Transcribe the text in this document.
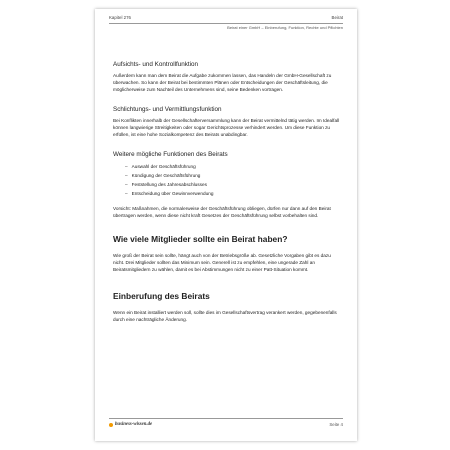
Kapitel 276	Beirat
Beirat einer GmbH – Einberufung, Funktion, Rechte und Pflichten
Aufsichts- und Kontrollfunktion

Außerdem kann man dem Beirat die Aufgabe zukommen lassen, das Handeln der GmbH-Gesellschaft zu überwachen. So kann der Beirat bei bestimmten Plänen oder Entscheidungen der Geschäftsleitung, die möglicherweise zum Nachteil des Unternehmens sind, seine Bedenken vortragen.

Schlichtungs- und Vermittlungsfunktion

Bei Konflikten innerhalb der Gesellschafterversammlung kann der Beirat vermittelnd tätig werden. Im Idealfall können langwierige Streitigkeiten oder sogar Gerichtsprozesse verhindert werden. Um diese Funktion zu erfüllen, ist eine hohe Sozialkompetenz des Beirats unabdingbar.

Weitere mögliche Funktionen des Beirats
– Auswahl der Geschäftsführung
– Kündigung der Geschäftsführung
– Feststellung des Jahresabschlusses
– Entscheidung über Gewinnverwendung

Vorsicht: Maßnahmen, die normalerweise der Geschäftsführung obliegen, dürfen nur dann auf den Beirat übertragen werden, wenn diese nicht kraft Gesetzes der Geschäftsführung selbst vorbehalten sind.

Wie viele Mitglieder sollte ein Beirat haben?

Wie groß der Beirat sein sollte, hängt auch von der Betriebsgröße ab. Gesetzliche Vorgaben gibt es dazu nicht. Drei Mitglieder sollten das Minimum sein. Generell ist zu empfehlen, eine ungerade Zahl an Beiratsmitgliedern zu wählen, damit es bei Abstimmungen nicht zu einer Patt-Situation kommt.

Einberufung des Beirats

Wenn ein Beirat installiert werden soll, sollte dies im Gesellschaftsvertrag verankert werden, gegebenenfalls durch eine nachträgliche Änderung.

business-wissen.de	Seite 4
